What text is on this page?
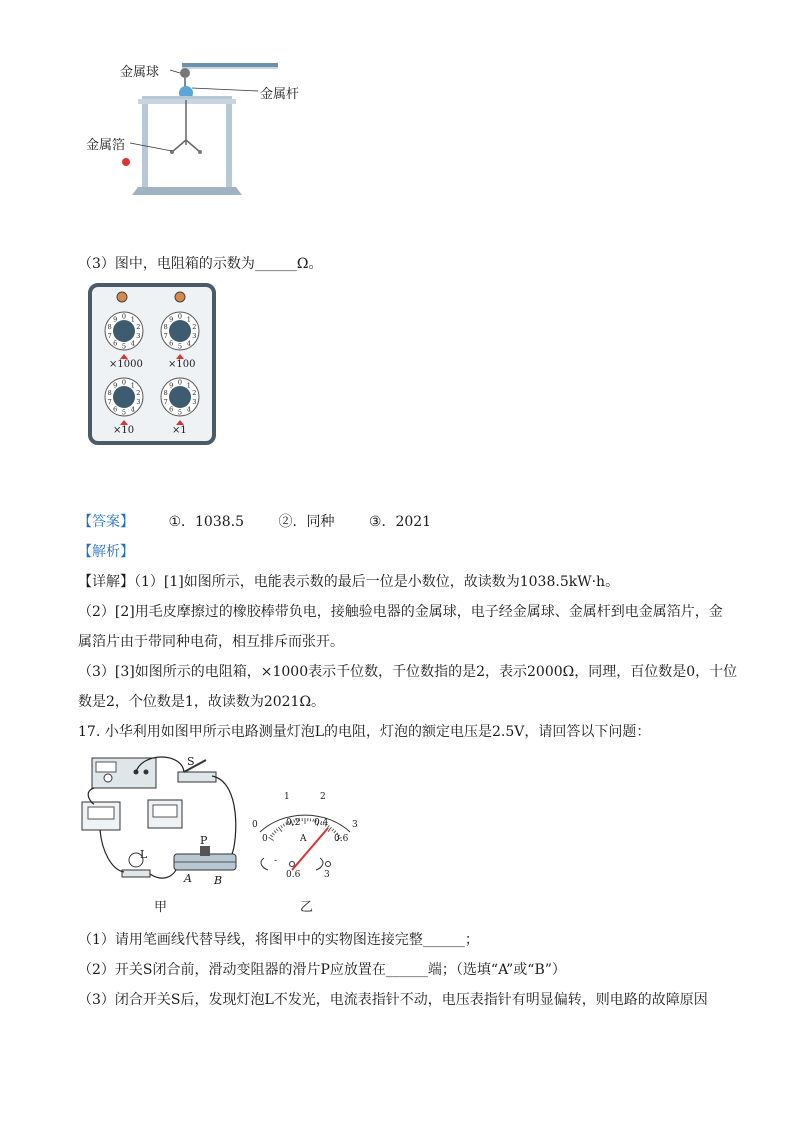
金属球
金属杆
金属箔
（3）图中，电阻箱的示数为______Ω。
0
9
8
7
6 5 4
3
2
1	0
9
8
7
6 5 4
3
2
1
0
9
8
7
6 5 4
3
2
1	0
9
8
7
6 5 4
3
2
1
×1000	×100
×10	×1
【答案】 ①．1038.5 ②．同种 ③．2021
【解析】
【详解】（1）[1]如图所示，电能表示数的最后一位是小数位，故读数为1038.5kW·h。
（2）[2]用毛皮摩擦过的橡胶棒带负电，接触验电器的金属球，电子经金属球、金属杆到电金属箔片，金
属箔片由于带同种电荷，相互排斥而张开。
（3）[3]如图所示的电阻箱，×1000表示千位数，千位数指的是2，表示2000Ω，同理，百位数是0，十位
数是2，个位数是1，故读数为2021Ω。
17. 小华利用如图甲所示电路测量灯泡L的电阻，灯泡的额定电压是2.5V，请回答以下问题：
S
P
L
A B
甲
1	2
0	3
0
0.2 0.4
0.6
A
-
0.6	3
乙
（1）请用笔画线代替导线，将图甲中的实物图连接完整______；
（2）开关S闭合前，滑动变阻器的滑片P应放置在______端；（选填“A”或“B”）
（3）闭合开关S后，发现灯泡L不发光，电流表指针不动，电压表指针有明显偏转，则电路的故障原因
